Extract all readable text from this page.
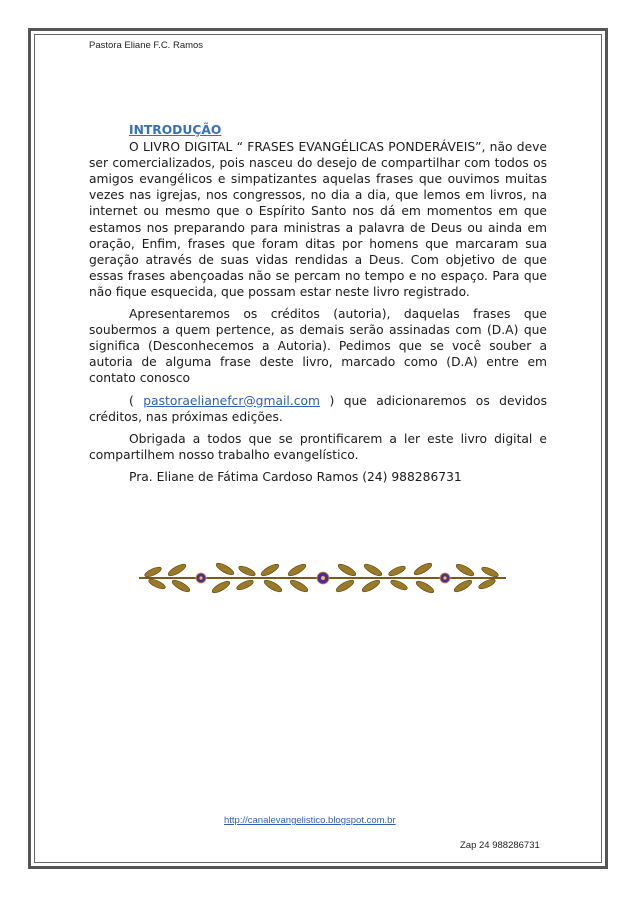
Pastora Eliane F.C. Ramos
INTRODUÇÃO

O LIVRO DIGITAL “ FRASES EVANGÉLICAS PONDERÁVEIS”, não deve ser comercializados, pois nasceu do desejo de compartilhar com todos os amigos evangélicos e simpatizantes aquelas frases que ouvimos muitas vezes nas igrejas, nos congressos, no dia a dia, que lemos em livros, na internet ou mesmo que o Espírito Santo nos dá em momentos em que estamos nos preparando para ministras a palavra de Deus ou ainda em oração, Enfim, frases que foram ditas por homens que marcaram sua geração através de suas vidas rendidas a Deus. Com objetivo de que essas frases abençoadas não se percam no tempo e no espaço. Para que não fique esquecida, que possam estar neste livro registrado.

Apresentaremos os créditos (autoria), daquelas frases que soubermos a quem pertence, as demais serão assinadas com (D.A) que significa (Desconhecemos a Autoria). Pedimos que se você souber a autoria de alguma frase deste livro, marcado como (D.A) entre em contato conosco

( pastoraelianefcr@gmail.com ) que adicionaremos os devidos créditos, nas próximas edições.

Obrigada a todos que se prontificarem a ler este livro digital e compartilhem nosso trabalho evangelístico.

Pra. Eliane de Fátima Cardoso Ramos (24) 988286731

http://canalevangelistico.blogspot.com.br
Zap 24 988286731
